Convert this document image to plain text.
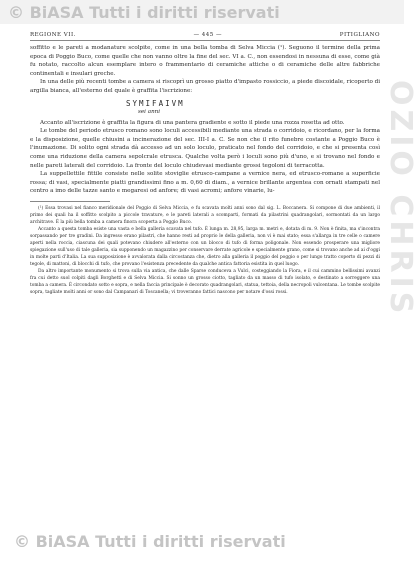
© BiASA Tutti i diritti riservati
OZIO CHRIS
REGIONE VII.	— 445 —	PITIGLIANO

soffitto e le pareti a modanature scolpite, come in una bella tomba di Selva Miccia (¹). Seguono il termine della prima epoca di Poggio Buco, come quelle che non vanno oltre la fine del sec. VI a. C., non essendosi in nessuna di esse, come già fu notato, raccolto alcun esemplare intero o frammentario di ceramiche attiche o di ceramiche delle altre fabbriche continentali e insulari greche.

In una delle più recenti tombe a camera si riscoprì un grosso piatto d'impasto rossiccio, a piede discoidale, ricoperto di argilla bianca, all'esterno del quale è graffita l'iscrizione:

SYMIFAIVM
sei anni

Accanto all'iscrizione è graffita la figura di una pantera gradiente e sotto il piede una rozza rosetta ad otto.

Le tombe del periodo etrusco romano sono loculi accessibili mediante una strada o corridoio, e ricordano, per la forma e la disposizione, quelle chiusini a incinerazione del sec. III-I a. C. Se non che il rito funebre costante a Poggio Buco è l'inumazione. Di solito ogni strada dà accesso ad un solo loculo, praticato nel fondo del corridoio, e che si presenta così come una riduzione della camera sepolcrale etrusca. Qualche volta però i loculi sono più d'uno, e si trovano nel fondo e nelle pareti laterali del corridoio. La fronte del loculo chiudevasi mediante grossi tegoloni di terracotta.

La suppellettile fittile consiste nelle solite stoviglie etrusco-campane a vernice nera, ed etrusco-romane a superficie rossa; di vasi, specialmente piatti grandissimi fino a m. 0,60 di diam., a vernice brillante argentea con ornati stampati nel centro a imo delle tazze santo e megaresi od anfore; di vasi acromi; anfore vinarie, lu-

(¹) Essa trovasi nel fianco meridionale del Poggio di Selva Miccia, e fu scavata molti anni sono dal sig. L. Boccanera. Si compone di due ambienti, il primo dei quali ha il soffitto scolpito a piccole travature, e le pareti laterali a scomparti, formati da pilastrini quadrangolari, sormontati da un largo architrave. È la più bella tomba a camera finora scoperta a Poggio Buco.

Accanto a questa tomba esiste una vasta e bella galleria scavata nel tufo. È lunga m. 28,95, larga m. metri e, dotata di m. 9. Non è finita, ma s'incontra sorpassando per tre gradini. Da ingresso erano pilastri, che hanno resti ad proprio le della galleria, non vi è mai stato; essa s'allarga in tre celle o camere aperti nella roccia, ciascuna dei quali potevano chiudere all'esterno con un blocco di tufo di forma poligonale. Non essendo prosperare una migliore spiegazione sull'uso di tale galleria, sia supponendo un magazzino per conservare derrate agricole e specialmente grano, come si trovano anche ad ai d'oggi in molte parti d'Italia. La sua supposizione è avvalorata dalla circostanza che, dietro alla galleria il poggio del poggio o per lungo tratto coperto di pezzi di tegole, di mattoni, di blocchi di tufo, che provano l'esistenza precedente da qualche antica fattoria esistita in quel luogo.

Da altro importante monumento si trova sulla via antica, che dalle Sparse conduceva a Vulci, costeggiando la Fiora, e il cui cammino bellissimi avanzi fra cui detto suol colpiti dagli Borghetti e di Selva Miccia. Si sonno un grosso ciotto, tagliato da un masso di tufo isolato, e destinato a sorreggere una tomba a camera. È circondato sotto e sopra, e nella faccia principale è decorato quadrangolari, statua, tettoia, della necropoli vulcentana. Le tombe scolpite sopra, tagliate molti anni or sono dal Campanari di Toscanella; vi troveranno fattici nascono per notare d'ossi rossi.

© BiASA Tutti i diritti riservati
